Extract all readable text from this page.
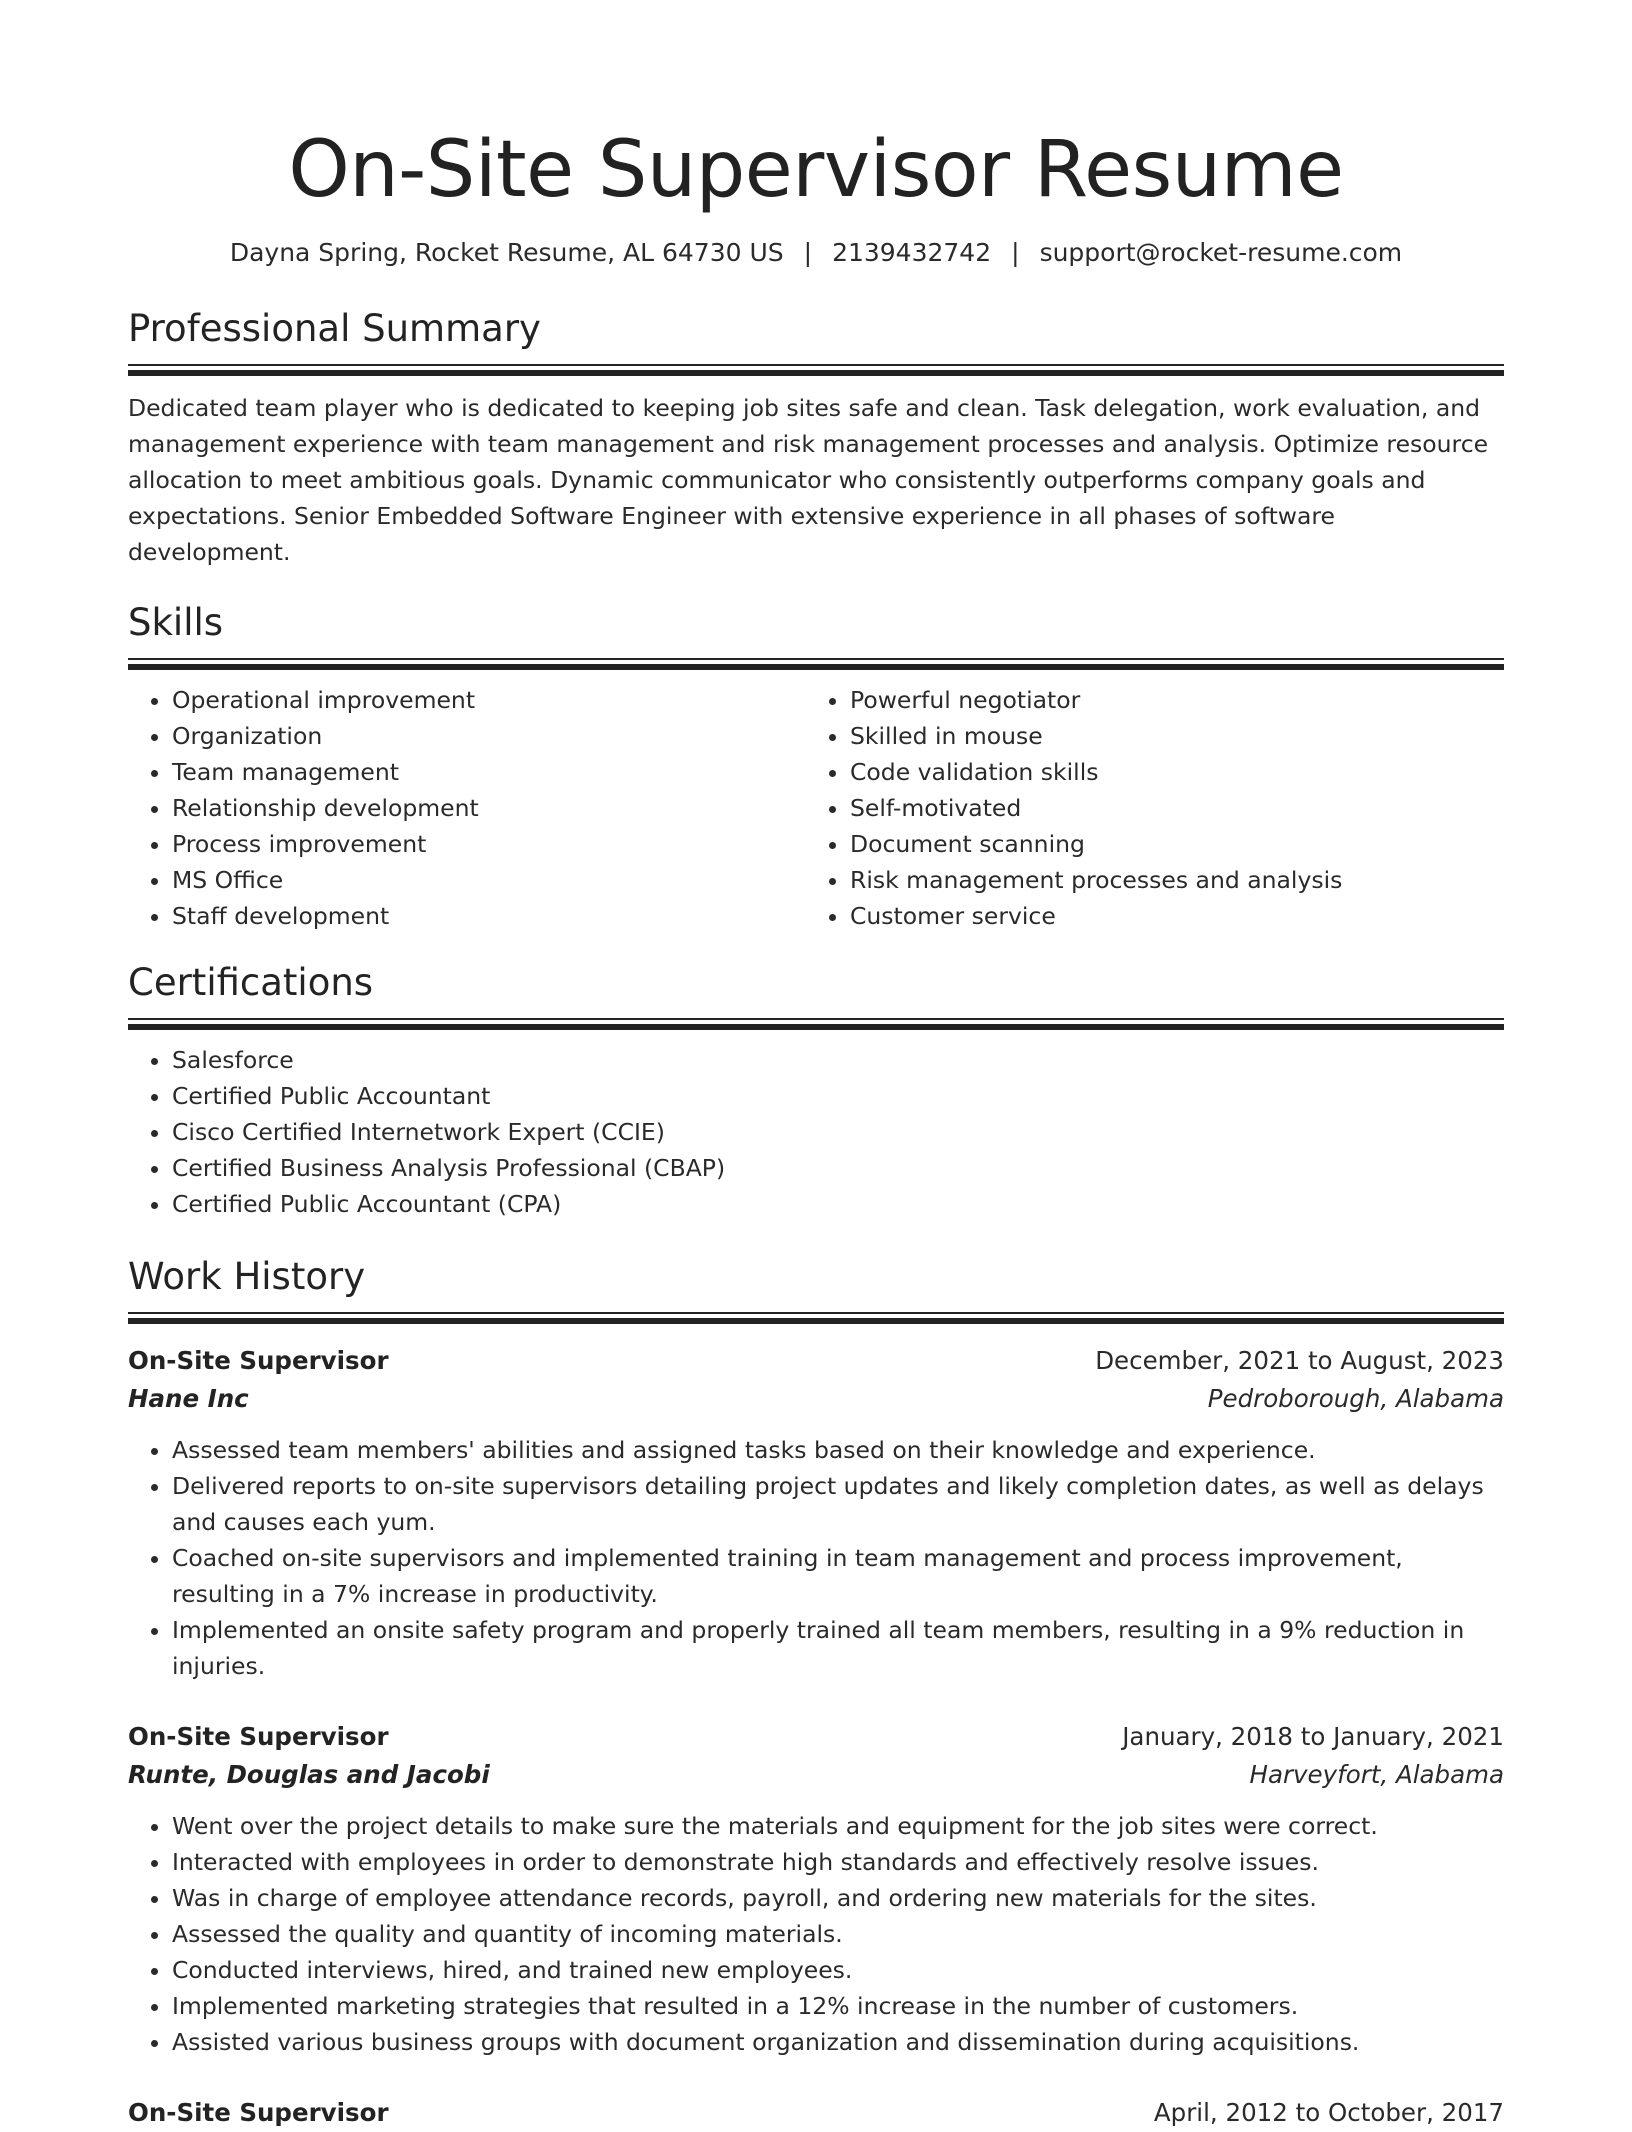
On-Site Supervisor Resume
Dayna Spring, Rocket Resume, AL 64730 US | 2139432742 | support@rocket-resume.com
Professional Summary

Dedicated team player who is dedicated to keeping job sites safe and clean. Task delegation, work evaluation, and management experience with team management and risk management processes and analysis. Optimize resource allocation to meet ambitious goals. Dynamic communicator who consistently outperforms company goals and expectations. Senior Embedded Software Engineer with extensive experience in all phases of software development.

Skills
• Operational improvement
• Organization
• Team management
• Relationship development
• Process improvement
• MS Office
• Staff development
• Powerful negotiator
• Skilled in mouse
• Code validation skills
• Self-motivated
• Document scanning
• Risk management processes and analysis
• Customer service
Certifications
• Salesforce
• Certified Public Accountant
• Cisco Certified Internetwork Expert (CCIE)
• Certified Business Analysis Professional (CBAP)
• Certified Public Accountant (CPA)
Work History
On-Site Supervisor	December, 2021 to August, 2023
Hane Inc	Pedroborough, Alabama
• Assessed team members' abilities and assigned tasks based on their knowledge and experience.
• Delivered reports to on-site supervisors detailing project updates and likely completion dates, as well as delays and causes each yum.
• Coached on-site supervisors and implemented training in team management and process improvement, resulting in a 7% increase in productivity.
• Implemented an onsite safety program and properly trained all team members, resulting in a 9% reduction in injuries.
On-Site Supervisor	January, 2018 to January, 2021
Runte, Douglas and Jacobi	Harveyfort, Alabama
• Went over the project details to make sure the materials and equipment for the job sites were correct.
• Interacted with employees in order to demonstrate high standards and effectively resolve issues.
• Was in charge of employee attendance records, payroll, and ordering new materials for the sites.
• Assessed the quality and quantity of incoming materials.
• Conducted interviews, hired, and trained new employees.
• Implemented marketing strategies that resulted in a 12% increase in the number of customers.
• Assisted various business groups with document organization and dissemination during acquisitions.
On-Site Supervisor	April, 2012 to October, 2017
